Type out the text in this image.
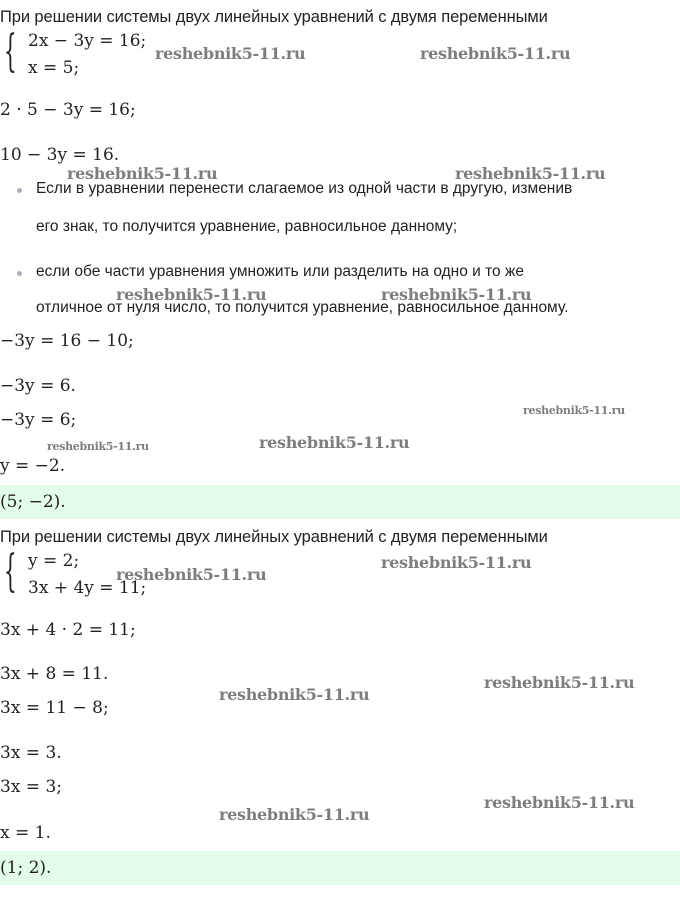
При решении системы двух линейных уравнений с двумя переменными
{ 2x − 3y = 16;
x = 5;
2 · 5 − 3y = 16;
10 − 3y = 16.
Если в уравнении перенести слагаемое из одной части в другую, изменив
его знак, то получится уравнение, равносильное данному;
если обе части уравнения умножить или разделить на одно и то же
отличное от нуля число, то получится уравнение, равносильное данному.
−3y = 16 − 10;
−3y = 6.
−3y = 6;
y = −2.
(5; −2).
При решении системы двух линейных уравнений с двумя переменными
{ y = 2;
3x + 4y = 11;
3x + 4 · 2 = 11;
3x + 8 = 11.
3x = 11 − 8;
3x = 3.
3x = 3;
x = 1.
(1; 2).
reshebnik5-11.ru	reshebnik5-11.ru
reshebnik5-11.ru	reshebnik5-11.ru
reshebnik5-11.ru	reshebnik5-11.ru
reshebnik5-11.ru
reshebnik5-11.ru	reshebnik5-11.ru
reshebnik5-11.ru
reshebnik5-11.ru
reshebnik5-11.ru
reshebnik5-11.ru
reshebnik5-11.ru
reshebnik5-11.ru
